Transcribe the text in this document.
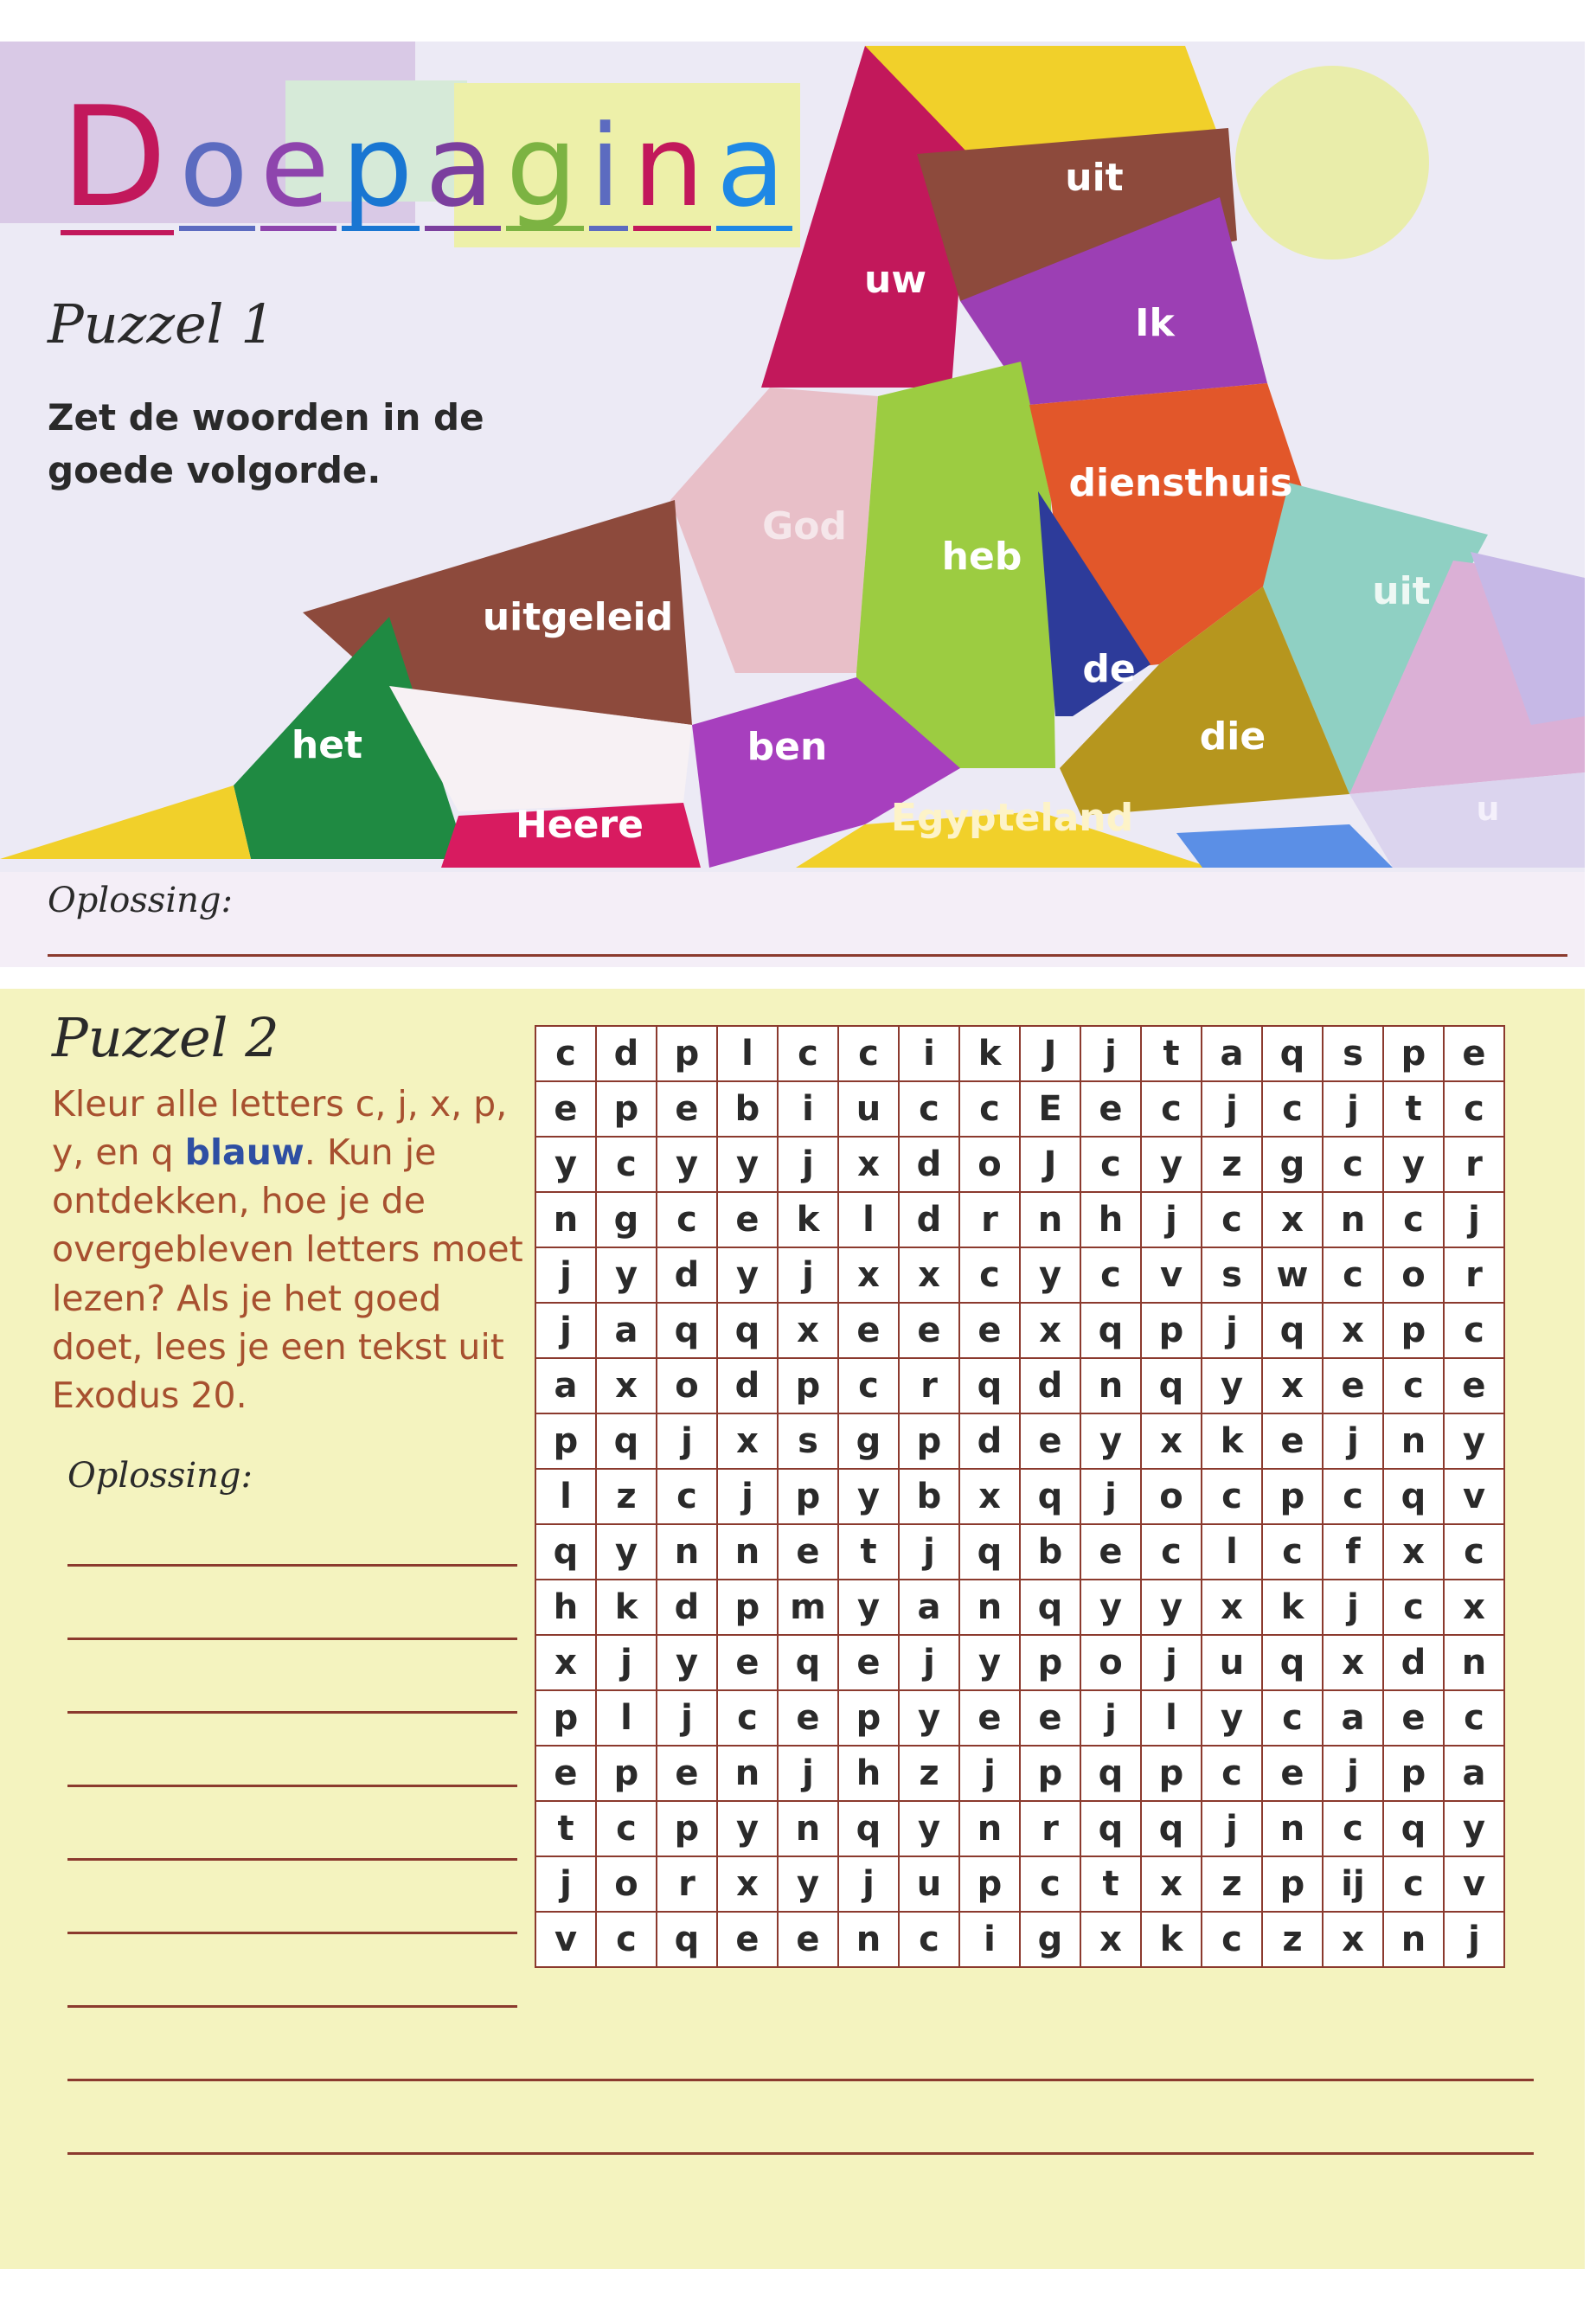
Doepagina
Puzzel 1
Zet de woorden in de goede volgorde.
uit
uw
Ik
diensthuis
God
heb
uit
uitgeleid
de
die
het	ben
Heere	Egypteland	u
Oplossing:
Puzzel 2
Kleur alle letters c, j, x, p, y, en q blauw. Kun je ontdekken, hoe je de overgebleven letters moet lezen? Als je het goed doet, lees je een tekst uit Exodus 20.
Oplossing:
c	d	p	l	c	c	i	k	J	j	t	a	q	s	p	e
e	p	e	b	i	u	c	c	E	e	c	j	c	j	t	c
y	c	y	y	j	x	d	o	J	c	y	z	g	c	y	r
n	g	c	e	k	l	d	r	n	h	j	c	x	n	c	j
j	y	d	y	j	x	x	c	y	c	v	s	w	c	o	r
j	a	q	q	x	e	e	e	x	q	p	j	q	x	p	c
a	x	o	d	p	c	r	q	d	n	q	y	x	e	c	e
p	q	j	x	s	g	p	d	e	y	x	k	e	j	n	y
l	z	c	j	p	y	b	x	q	j	o	c	p	c	q	v
q	y	n	n	e	t	j	q	b	e	c	l	c	f	x	c
h	k	d	p	m	y	a	n	q	y	y	x	k	j	c	x
x	j	y	e	q	e	j	y	p	o	j	u	q	x	d	n
p	l	j	c	e	p	y	e	e	j	l	y	c	a	e	c
e	p	e	n	j	h	z	j	p	q	p	c	e	j	p	a
t	c	p	y	n	q	y	n	r	q	q	j	n	c	q	y
j	o	r	x	y	j	u	p	c	t	x	z	p	ij	c	v
v	c	q	e	e	n	c	i	g	x	k	c	z	x	n	j
